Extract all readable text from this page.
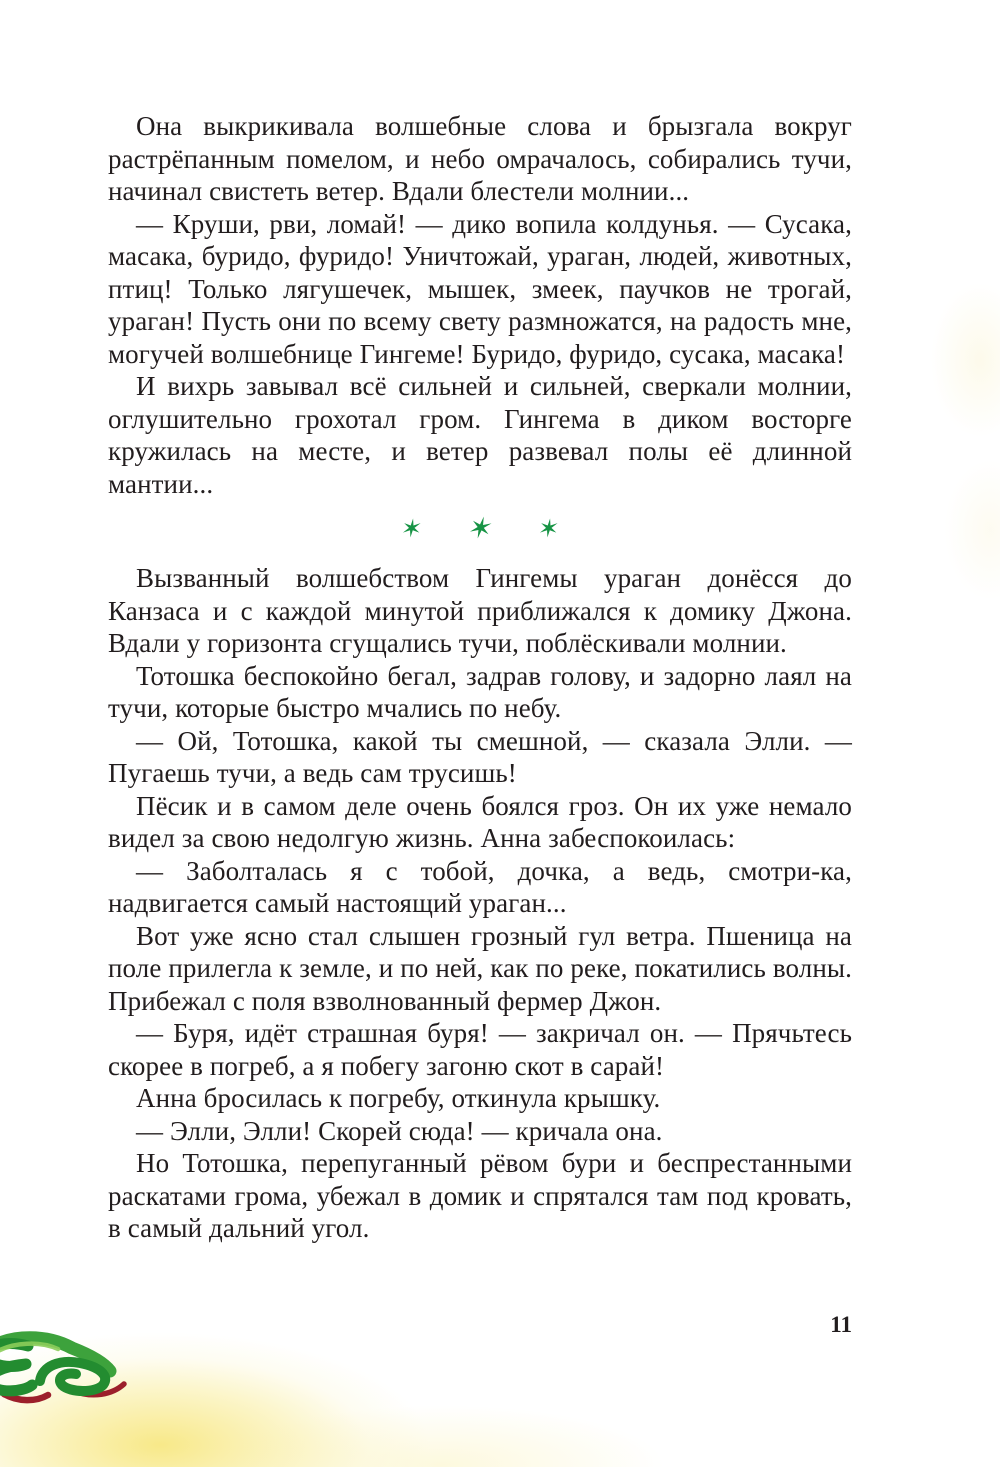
Она выкрикивала волшебные слова и брызгала вокруг растрёпанным помелом, и небо омрачалось, собирались тучи, начинал свистеть ветер. Вдали блестели молнии...

— Круши, рви, ломай! — дико вопила колдунья. — Сусака, масака, буридо, фуридо! Уничтожай, ураган, людей, животных, птиц! Только лягушечек, мышек, змеек, паучков не трогай, ураган! Пусть они по всему свету размножатся, на радость мне, могучей волшебнице Гингеме! Буридо, фуридо, сусака, масака!

И вихрь завывал всё сильней и сильней, сверкали молнии, оглушительно грохотал гром. Гингема в диком восторге кружилась на месте, и ветер развевал полы её длинной мантии...

✶ ✶ ✶

Вызванный волшебством Гингемы ураган донёсся до Канзаса и с каждой минутой приближался к домику Джона. Вдали у горизонта сгущались тучи, поблёскивали молнии.

Тотошка беспокойно бегал, задрав голову, и задорно лаял на тучи, которые быстро мчались по небу.

— Ой, Тотошка, какой ты смешной, — сказала Элли. — Пугаешь тучи, а ведь сам трусишь!

Пёсик и в самом деле очень боялся гроз. Он их уже немало видел за свою недолгую жизнь. Анна забеспокоилась:

— Заболталась я с тобой, дочка, а ведь, смотри-ка, надвигается самый настоящий ураган...

Вот уже ясно стал слышен грозный гул ветра. Пшеница на поле прилегла к земле, и по ней, как по реке, покатились волны. Прибежал с поля взволнованный фермер Джон.

— Буря, идёт страшная буря! — закричал он. — Прячьтесь скорее в погреб, а я побегу загоню скот в сарай!

Анна бросилась к погребу, откинула крышку.

— Элли, Элли! Скорей сюда! — кричала она.

Но Тотошка, перепуганный рёвом бури и беспрестанными раскатами грома, убежал в домик и спрятался там под кровать, в самый дальний угол.

11
